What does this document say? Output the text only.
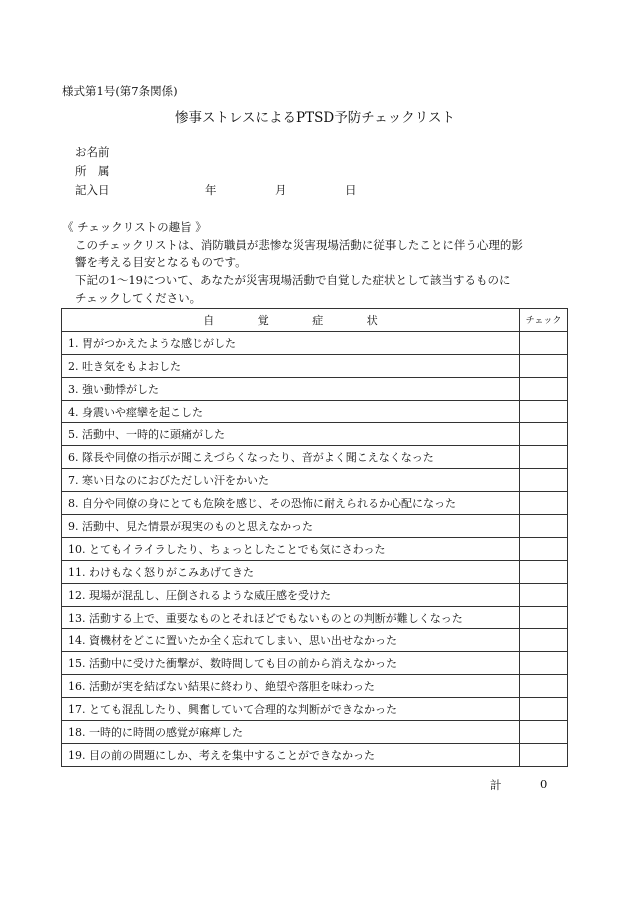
様式第1号(第7条関係)
惨事ストレスによるPTSD予防チェックリスト
お名前
所　属
記入日	年	月	日
《 チェックリストの趣旨 》
このチェックリストは、消防職員が悲惨な災害現場活動に従事したことに伴う心理的影
響を考える目安となるものです。
下記の1〜19について、あなたが災害現場活動で自覚した症状として該当するものに
チェックしてください。
自 覚 症 状	チェック
1. 胃がつかえたような感じがした	
2. 吐き気をもよおした	
3. 強い動悸がした	
4. 身震いや痙攣を起こした	
5. 活動中、一時的に頭痛がした	
6. 隊長や同僚の指示が聞こえづらくなったり、音がよく聞こえなくなった	
7. 寒い日なのにおびただしい汗をかいた	
8. 自分や同僚の身にとても危険を感じ、その恐怖に耐えられるか心配になった	
9. 活動中、見た情景が現実のものと思えなかった	
10. とてもイライラしたり、ちょっとしたことでも気にさわった	
11. わけもなく怒りがこみあげてきた	
12. 現場が混乱し、圧倒されるような威圧感を受けた	
13. 活動する上で、重要なものとそれほどでもないものとの判断が難しくなった	
14. 資機材をどこに置いたか全く忘れてしまい、思い出せなかった	
15. 活動中に受けた衝撃が、数時間しても目の前から消えなかった	
16. 活動が実を結ばない結果に終わり、絶望や落胆を味わった	
17. とても混乱したり、興奮していて合理的な判断ができなかった	
18. 一時的に時間の感覚が麻痺した	
19. 目の前の問題にしか、考えを集中することができなかった	
計	0
